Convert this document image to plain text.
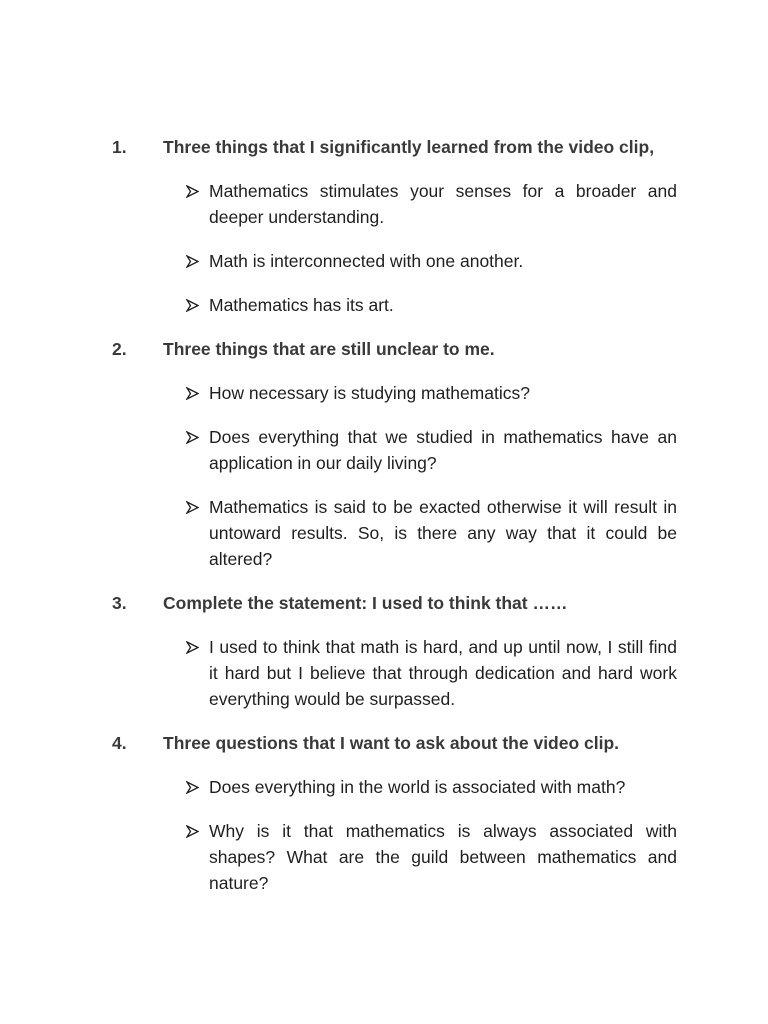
1. Three things that I significantly learned from the video clip,
Mathematics stimulates your senses for a broader and deeper understanding.
Math is interconnected with one another.
Mathematics has its art.
2. Three things that are still unclear to me.
How necessary is studying mathematics?
Does everything that we studied in mathematics have an application in our daily living?
Mathematics is said to be exacted otherwise it will result in untoward results. So, is there any way that it could be altered?
3. Complete the statement: I used to think that ……
I used to think that math is hard, and up until now, I still find it hard but I believe that through dedication and hard work everything would be surpassed.
4. Three questions that I want to ask about the video clip.
Does everything in the world is associated with math?
Why is it that mathematics is always associated with shapes? What are the guild between mathematics and nature?
